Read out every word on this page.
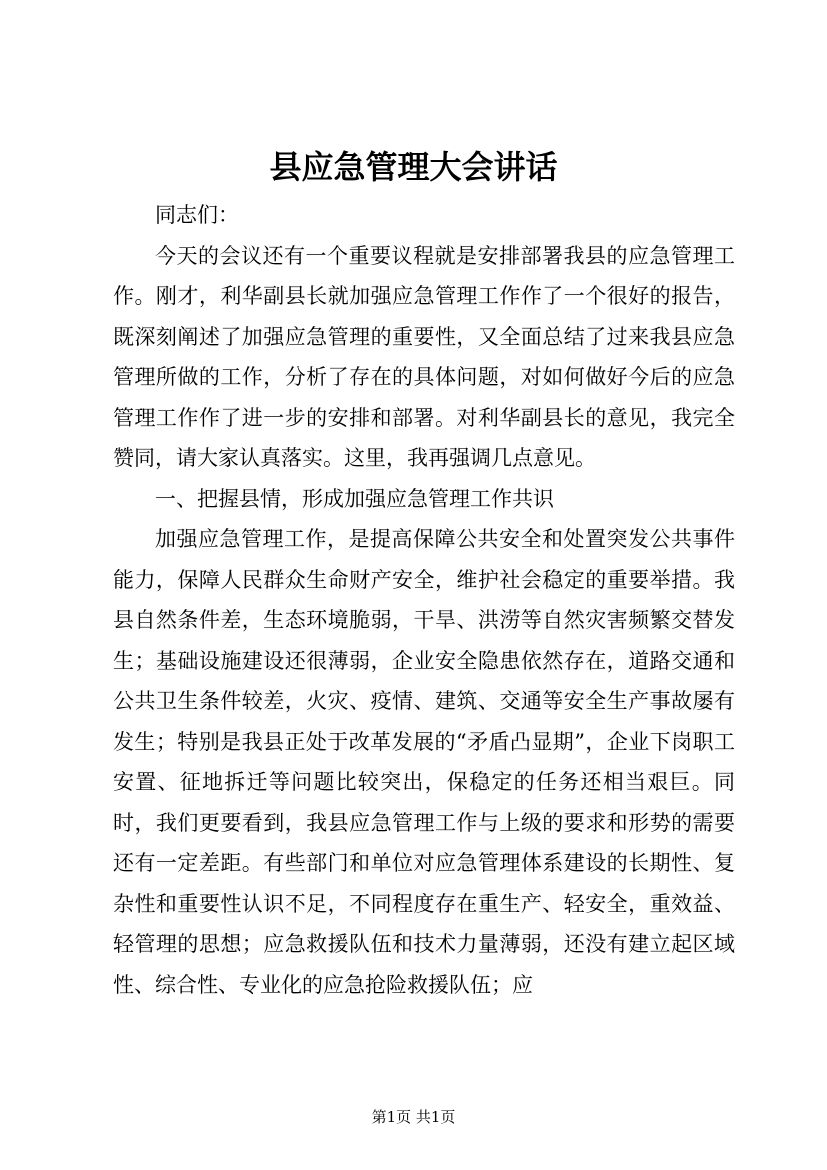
县应急管理大会讲话

同志们：

今天的会议还有一个重要议程就是安排部署我县的应急管理工作。刚才，利华副县长就加强应急管理工作作了一个很好的报告，既深刻阐述了加强应急管理的重要性，又全面总结了过来我县应急管理所做的工作，分析了存在的具体问题，对如何做好今后的应急管理工作作了进一步的安排和部署。对利华副县长的意见，我完全赞同，请大家认真落实。这里，我再强调几点意见。

一、把握县情，形成加强应急管理工作共识

加强应急管理工作，是提高保障公共安全和处置突发公共事件能力，保障人民群众生命财产安全，维护社会稳定的重要举措。我县自然条件差，生态环境脆弱，干旱、洪涝等自然灾害频繁交替发生；基础设施建设还很薄弱，企业安全隐患依然存在，道路交通和公共卫生条件较差，火灾、疫情、建筑、交通等安全生产事故屡有发生；特别是我县正处于改革发展的“矛盾凸显期”，企业下岗职工安置、征地拆迁等问题比较突出，保稳定的任务还相当艰巨。同时，我们更要看到，我县应急管理工作与上级的要求和形势的需要还有一定差距。有些部门和单位对应急管理体系建设的长期性、复杂性和重要性认识不足，不同程度存在重生产、轻安全，重效益、轻管理的思想；应急救援队伍和技术力量薄弱，还没有建立起区域性、综合性、专业化的应急抢险救援队伍；应

第1页 共1页
